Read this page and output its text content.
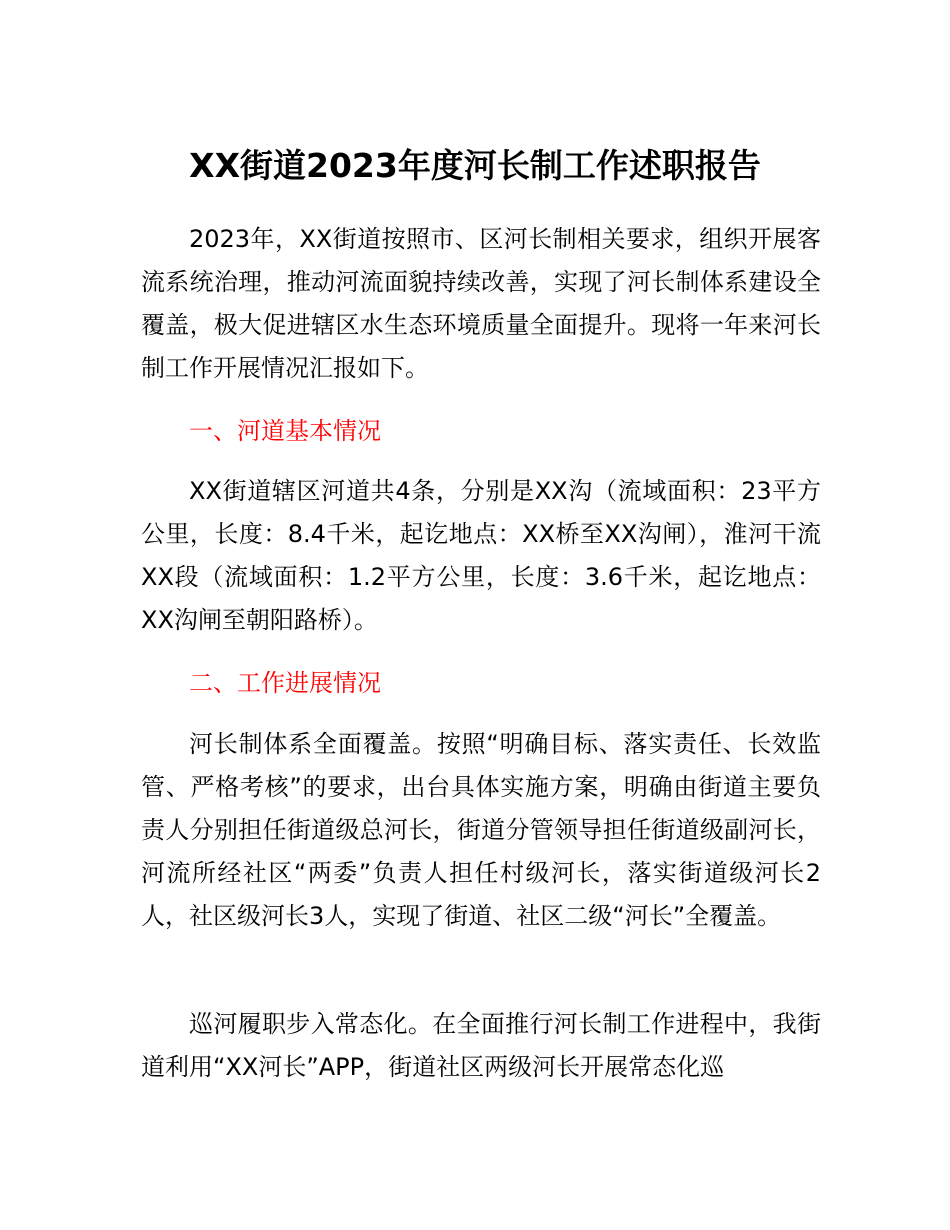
XX街道2023年度河长制工作述职报告

2023年，XX街道按照市、区河长制相关要求，组织开展客流系统治理，推动河流面貌持续改善，实现了河长制体系建设全覆盖，极大促进辖区水生态环境质量全面提升。现将一年来河长制工作开展情况汇报如下。

一、河道基本情况

XX街道辖区河道共4条，分别是XX沟（流域面积：23平方公里，长度：8.4千米，起讫地点：XX桥至XX沟闸），淮河干流XX段（流域面积：1.2平方公里，长度：3.6千米，起讫地点：XX沟闸至朝阳路桥）。

二、工作进展情况

河长制体系全面覆盖。按照“明确目标、落实责任、长效监管、严格考核”的要求，出台具体实施方案，明确由街道主要负责人分别担任街道级总河长，街道分管领导担任街道级副河长，河流所经社区“两委”负责人担任村级河长，落实街道级河长2人，社区级河长3人，实现了街道、社区二级“河长”全覆盖。

巡河履职步入常态化。在全面推行河长制工作进程中，我街道利用“XX河长”APP，街道社区两级河长开展常态化巡
